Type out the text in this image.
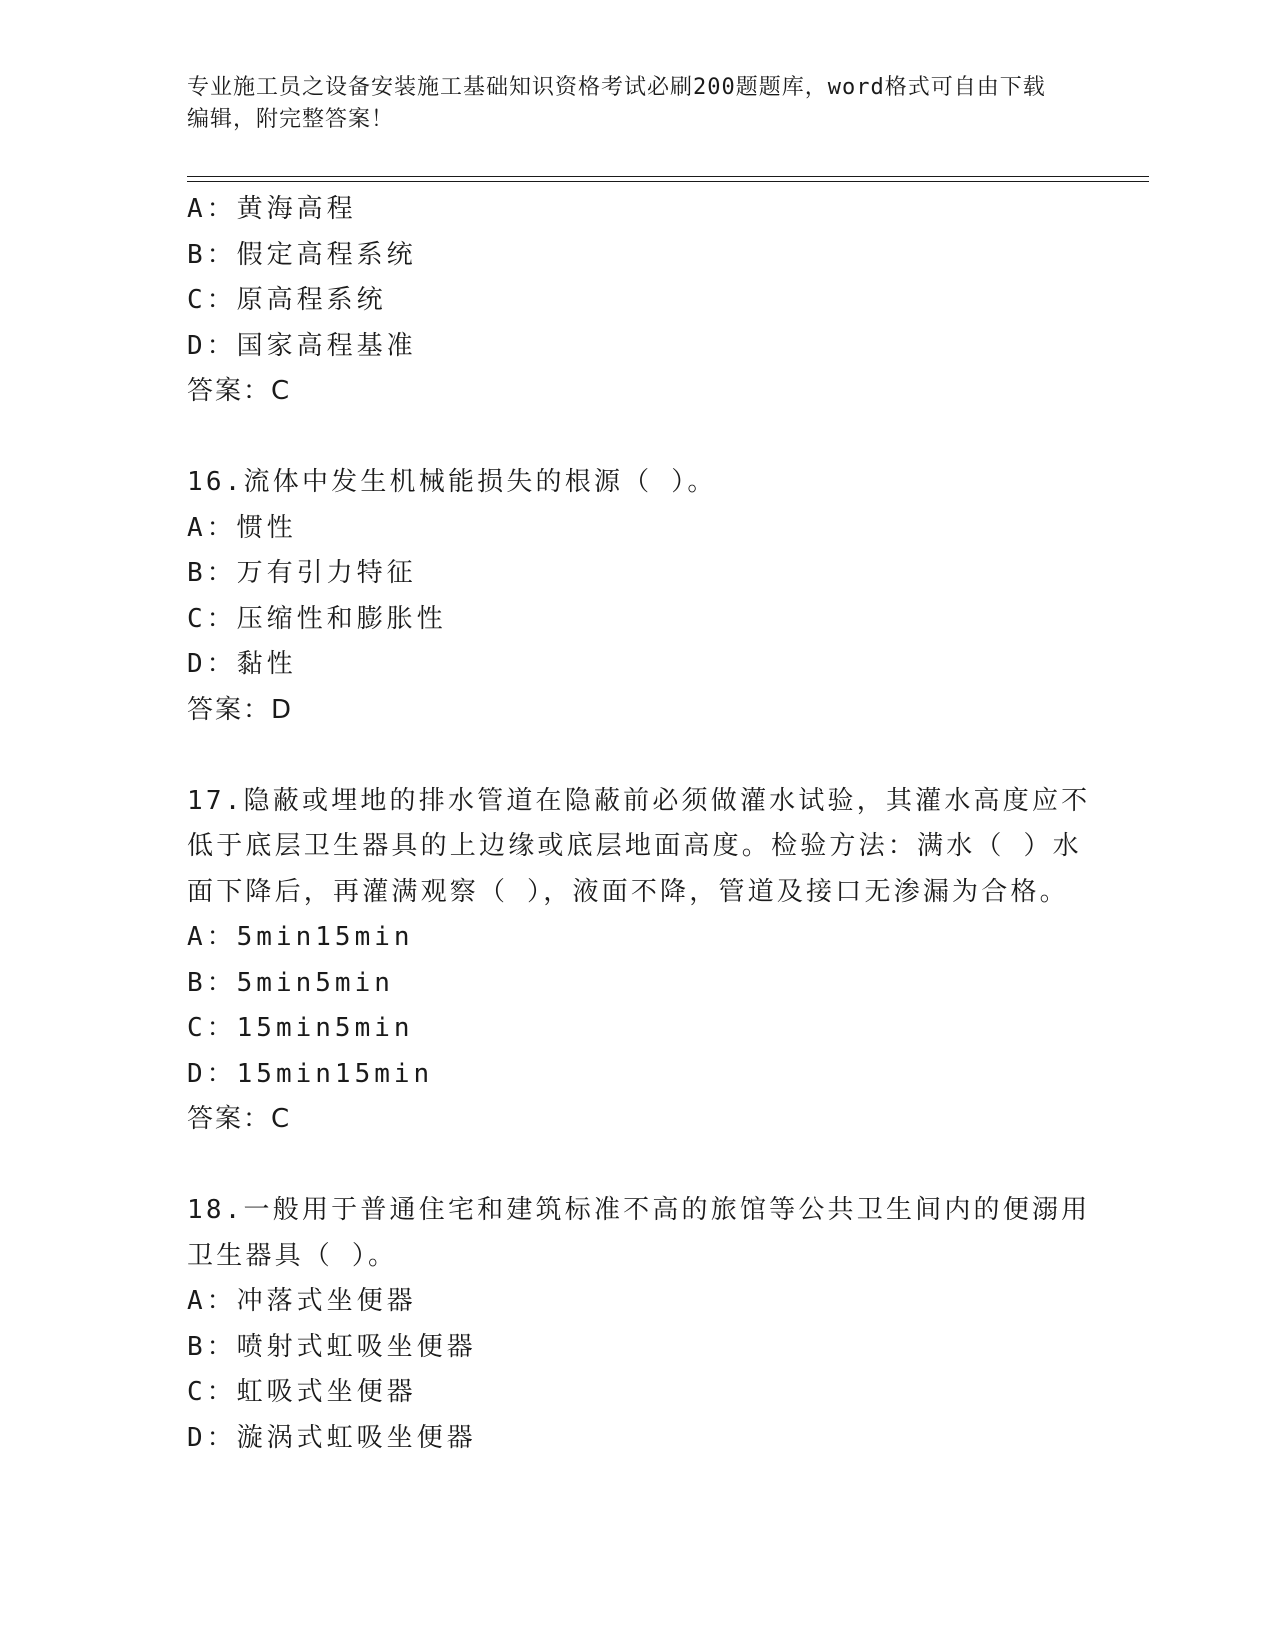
专业施工员之设备安装施工基础知识资格考试必刷200题题库，word格式可自由下载编辑，附完整答案！
A：黄海高程
B：假定高程系统
C：原高程系统
D：国家高程基准
答案：C
16.流体中发生机械能损失的根源（ ）。
A：惯性
B：万有引力特征
C：压缩性和膨胀性
D：黏性
答案：D
17.隐蔽或埋地的排水管道在隐蔽前必须做灌水试验，其灌水高度应不
低于底层卫生器具的上边缘或底层地面高度。检验方法：满水（ ）水
面下降后，再灌满观察（ ），液面不降，管道及接口无渗漏为合格。
A：5min15min
B：5min5min
C：15min5min
D：15min15min
答案：C
18.一般用于普通住宅和建筑标准不高的旅馆等公共卫生间内的便溺用
卫生器具（ ）。
A：冲落式坐便器
B：喷射式虹吸坐便器
C：虹吸式坐便器
D：漩涡式虹吸坐便器
